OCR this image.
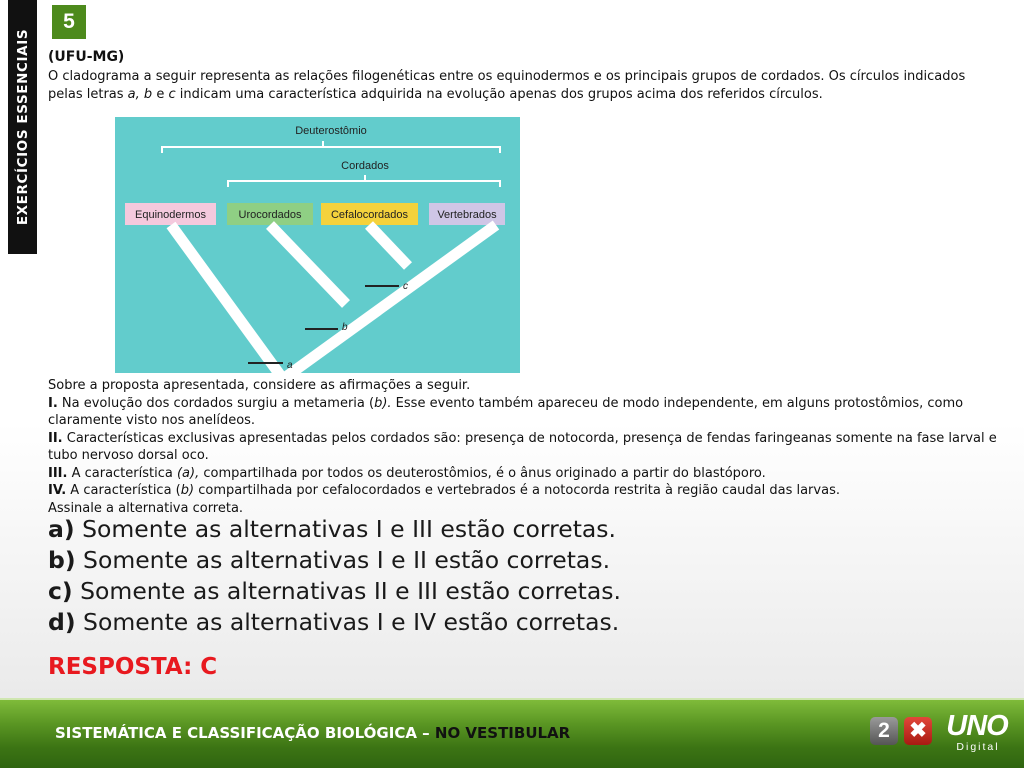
EXERCÍCIOS ESSENCIAIS
5
(UFU-MG)
O cladograma a seguir representa as relações filogenéticas entre os equinodermos e os principais grupos de cordados. Os círculos indicados pelas letras a, b e c indicam uma característica adquirida na evolução apenas dos grupos acima dos referidos círculos.
Deuterostômio
Cordados
Equinodermos	Urocordados	Cefalocordados	Vertebrados
a
b
c

Sobre a proposta apresentada, considere as afirmações a seguir.

I. Na evolução dos cordados surgiu a metameria (b). Esse evento também apareceu de modo independente, em alguns protostômios, como claramente visto nos anelídeos.

II. Características exclusivas apresentadas pelos cordados são: presença de notocorda, presença de fendas faringeanas somente na fase larval e tubo nervoso dorsal oco.

III. A característica (a), compartilhada por todos os deuterostômios, é o ânus originado a partir do blastóporo.

IV. A característica (b) compartilhada por cefalocordados e vertebrados é a notocorda restrita à região caudal das larvas.

Assinale a alternativa correta.

a) Somente as alternativas I e III estão corretas.
b) Somente as alternativas I e II estão corretas.
c) Somente as alternativas II e III estão corretas.
d) Somente as alternativas I e IV estão corretas.
RESPOSTA: C
SISTEMÁTICA E CLASSIFICAÇÃO BIOLÓGICA – NO VESTIBULAR	2 ✖ UNO
Digital
